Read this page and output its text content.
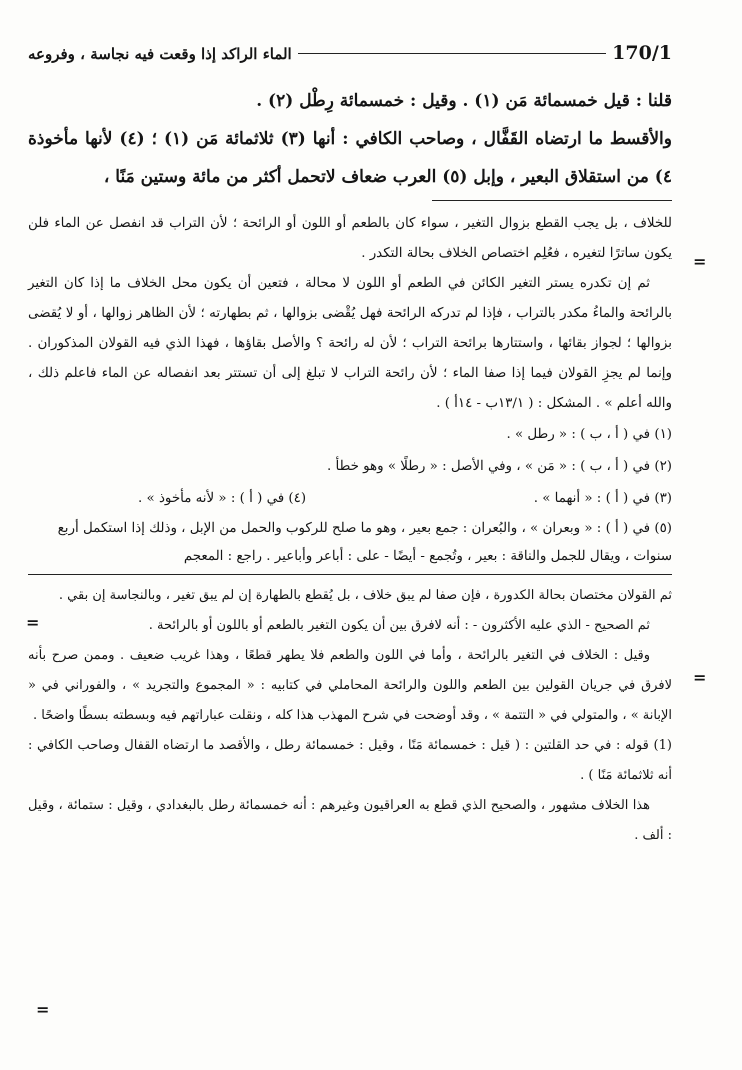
170/1
الماء الراكد إذا وقعت فيه نجاسة ، وفروعه

قلنا : قيل خمسمائة مَن (١) . وقيل : خمسمائة رِطْل (٢) .

والأقسط ما ارتضاه القَفَّال ، وصاحب الكافي : أنها (٣) ثلاثمائة مَن (١) ؛ (٤) لأنها مأخوذة ٤) من استقلاق البعير ، وإبل (٥) العرب ضعاف لاتحمل أكثر من مائة وستين مَنًا ،

للخلاف ، بل يجب القطع بزوال التغير ، سواء كان بالطعم أو اللون أو الرائحة ؛ لأن التراب قد انفصل عن الماء فلن يكون ساترًا لتغيره ، فعُلِم اختصاص الخلاف بحالة التكدر .

ثم إن تكدره يستر التغير الكائن في الطعم أو اللون لا محالة ، فتعين أن يكون محل الخلاف ما إذا كان التغير بالرائحة والماءُ مكدر بالتراب ، فإذا لم تدركه الرائحة فهل يُقْضى بزوالها ، ثم بطهارته ؛ لأن الظاهر زوالها ، أو لا يُقضى بزوالها ؛ لجواز بقائها ، واستتارها برائحة التراب ؛ لأن له رائحة ؟ والأصل بقاؤها ، فهذا الذي فيه القولان المذكوران . وإنما لم يجزِ القولان فيما إذا صفا الماء ؛ لأن رائحة التراب لا تبلغ إلى أن تستتر بعد انفصاله عن الماء فاعلم ذلك ، والله أعلم » . المشكل : ( ١٣/١ب - ١٤أ ) .

(١) في ( أ ، ب ) : « رطل » .
(٢) في ( أ ، ب ) : « مَن » ، وفي الأصل : « رطلًا » وهو خطأ .
(٣) في ( أ ) : « أنهما » .
(٤) في ( أ ) : « لأنه مأخوذ » .
(٥) في ( أ ) : « وبعران » ، والبُعران : جمع بعير ، وهو ما صلح للركوب والحمل من الإبل ، وذلك إذا استكمل أربع سنوات ، ويقال للجمل والناقة : بعير ، وتُجمع - أيضًا - على : أباعر وأباعير . راجع : المعجم

ثم القولان مختصان بحالة الكدورة ، فإن صفا لم يبق خلاف ، بل يُقطع بالطهارة إن لم يبق تغير ، وبالنجاسة إن بقي .

ثم الصحيح - الذي عليه الأكثرون - : أنه لافرق بين أن يكون التغير بالطعم أو باللون أو بالرائحة .

وقيل : الخلاف في التغير بالرائحة ، وأما في اللون والطعم فلا يطهر قطعًا ، وهذا غريب ضعيف . وممن صرح بأنه لافرق في جريان القولين بين الطعم واللون والرائحة المحاملي في كتابيه : « المجموع والتجريد » ، والفوراني في « الإبانة » ، والمتولي في « التتمة » ، وقد أوضحت في شرح المهذب هذا كله ، ونقلت عباراتهم فيه وبسطته بسطًا واضحًا .

(1) قوله : في حد القلتين : ( قيل : خمسمائة مَنًا ، وقيل : خمسمائة رطل ، والأقصد ما ارتضاه القفال وصاحب الكافي : أنه ثلاثمائة مَنًا ) .

هذا الخلاف مشهور ، والصحيح الذي قطع به العراقيون وغيرهم : أنه خمسمائة رطل بالبغدادي ، وقيل : ستمائة ، وقيل : ألف .

=
=
=
=
